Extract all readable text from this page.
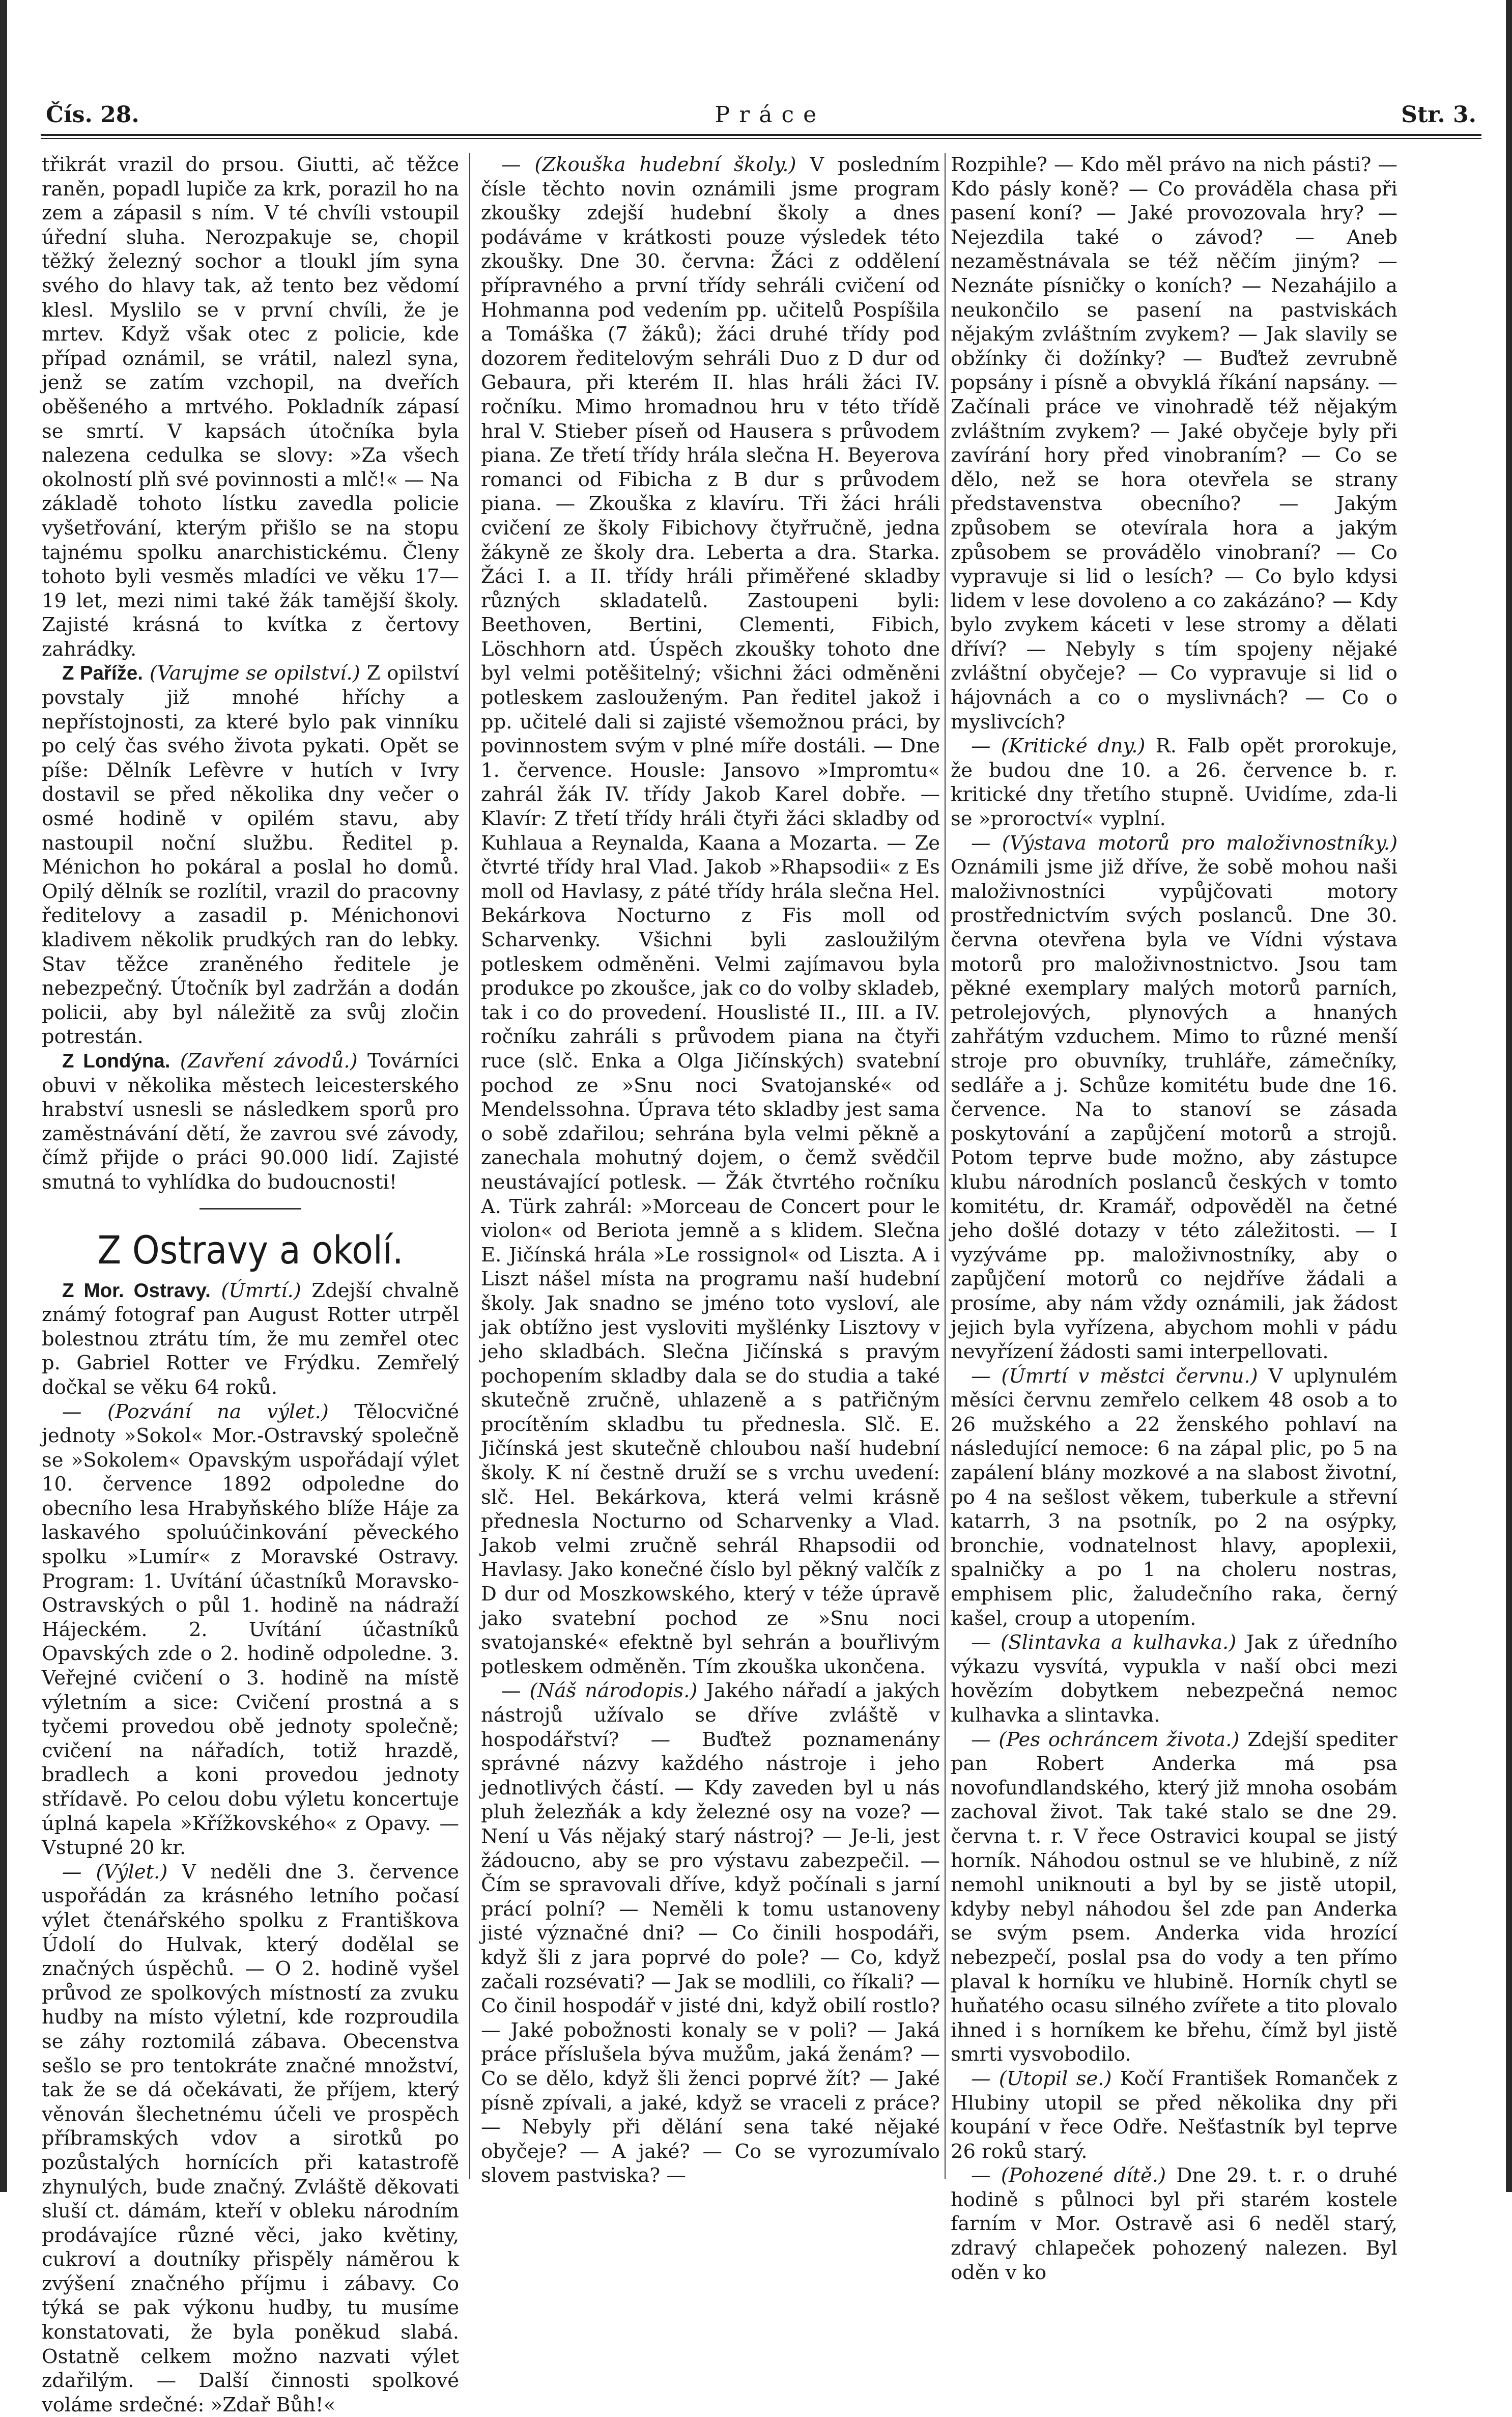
Čís. 28.	Práce	Str. 3.

třikrát vrazil do prsou. Giutti, ač těžce raněn, popadl lupiče za krk, porazil ho na zem a zápasil s ním. V té chvíli vstoupil úřední sluha. Nerozpakuje se, chopil těžký železný sochor a tloukl jím syna svého do hlavy tak, až tento bez vědomí klesl. Myslilo se v první chvíli, že je mrtev. Když však otec z policie, kde případ oznámil, se vrátil, nalezl syna, jenž se zatím vzchopil, na dveřích oběšeného a mrtvého. Pokladník zápasí se smrtí. V kapsách útočníka byla nalezena cedulka se slovy: »Za všech okolností plň své povinnosti a mlč!« — Na základě tohoto lístku zavedla policie vyšetřování, kterým přišlo se na stopu tajnému spolku anarchistickému. Členy tohoto byli vesměs mladíci ve věku 17—19 let, mezi nimi také žák tamější školy. Zajisté krásná to kvítka z čertovy zahrádky.

Z Paříže. (Varujme se opilství.) Z opilství povstaly již mnohé hříchy a nepřístojnosti, za které bylo pak vinníku po celý čas svého života pykati. Opět se píše: Dělník Lefèvre v hutích v Ivry dostavil se před několika dny večer o osmé hodině v opilém stavu, aby nastoupil noční službu. Ředitel p. Ménichon ho pokáral a poslal ho domů. Opilý dělník se rozlítil, vrazil do pracovny ředitelovy a zasadil p. Ménichonovi kladivem několik prudkých ran do lebky. Stav těžce zraněného ředitele je nebezpečný. Útočník byl zadržán a dodán policii, aby byl náležitě za svůj zločin potrestán.

Z Londýna. (Zavření závodů.) Továrníci obuvi v několika městech leicesterského hrabství usnesli se následkem sporů pro zaměstnávání dětí, že zavrou své závody, čímž přijde o práci 90.000 lidí. Zajisté smutná to vyhlídka do budoucnosti!

Z Ostravy a okolí.

Z Mor. Ostravy. (Úmrtí.) Zdejší chvalně známý fotograf pan August Rotter utrpěl bolestnou ztrátu tím, že mu zemřel otec p. Gabriel Rotter ve Frýdku. Zemřelý dočkal se věku 64 roků.

— (Pozvání na výlet.) Tělocvičné jednoty »Sokol« Mor.-Ostravský společně se »Sokolem« Opavským uspořádají výlet 10. července 1892 odpoledne do obecního lesa Hrabyňského blíže Háje za laskavého spoluúčinkování pěveckého spolku »Lumír« z Moravské Ostravy. Program: 1. Uvítání účastníků Moravsko-Ostravských o půl 1. hodině na nádraží Hájeckém. 2. Uvítání účastníků Opavských zde o 2. hodině odpoledne. 3. Veřejné cvičení o 3. hodině na místě výletním a sice: Cvičení prostná a s tyčemi provedou obě jednoty společně; cvičení na nářadích, totiž hrazdě, bradlech a koni provedou jednoty střídavě. Po celou dobu výletu koncertuje úplná kapela »Křížkovského« z Opavy. — Vstupné 20 kr.

— (Výlet.) V neděli dne 3. července uspořádán za krásného letního počasí výlet čtenářského spolku z Františkova Údolí do Hulvak, který dodělal se značných úspěchů. — O 2. hodině vyšel průvod ze spolkových místností za zvuku hudby na místo výletní, kde rozproudila se záhy roztomilá zábava. Obecenstva sešlo se pro tentokráte značné množství, tak že se dá očekávati, že příjem, který věnován šlechetnému účeli ve prospěch příbramských vdov a sirotků po pozůstalých hornících při katastrofě zhynulých, bude značný. Zvláště děkovati sluší ct. dámám, kteří v obleku národním prodávajíce různé věci, jako květiny, cukroví a doutníky přispěly náměrou k zvýšení značného příjmu i zábavy. Co týká se pak výkonu hudby, tu musíme konstatovati, že byla poněkud slabá. Ostatně celkem možno nazvati výlet zdařilým. — Další činnosti spolkové voláme srdečné: »Zdař Bůh!«

— (Zkouška hudební školy.) V posledním čísle těchto novin oznámili jsme program zkoušky zdejší hudební školy a dnes podáváme v krátkosti pouze výsledek této zkoušky. Dne 30. června: Žáci z oddělení přípravného a první třídy sehráli cvičení od Hohmanna pod vedením pp. učitelů Pospíšila a Tomáška (7 žáků); žáci druhé třídy pod dozorem ředitelovým sehráli Duo z D dur od Gebaura, při kterém II. hlas hráli žáci IV. ročníku. Mimo hromadnou hru v této třídě hral V. Stieber píseň od Hausera s průvodem piana. Ze třetí třídy hrála slečna H. Beyerova romanci od Fibicha z B dur s průvodem piana. — Zkouška z klavíru. Tři žáci hráli cvičení ze školy Fibichovy čtyřručně, jedna žákyně ze školy dra. Leberta a dra. Starka. Žáci I. a II. třídy hráli přiměřené skladby různých skladatelů. Zastoupeni byli: Beethoven, Bertini, Clementi, Fibich, Löschhorn atd. Úspěch zkoušky tohoto dne byl velmi potěšitelný; všichni žáci odměněni potleskem zaslouženým. Pan ředitel jakož i pp. učitelé dali si zajisté všemožnou práci, by povinnostem svým v plné míře dostáli. — Dne 1. července. Housle: Jansovo »Impromtu« zahrál žák IV. třídy Jakob Karel dobře. — Klavír: Z třetí třídy hráli čtyři žáci skladby od Kuhlaua a Reynalda, Kaana a Mozarta. — Ze čtvrté třídy hral Vlad. Jakob »Rhapsodii« z Es moll od Havlasy, z páté třídy hrála slečna Hel. Bekárkova Nocturno z Fis moll od Scharvenky. Všichni byli zasloužilým potleskem odměněni. Velmi zajímavou byla produkce po zkoušce, jak co do volby skladeb, tak i co do provedení. Houslisté II., III. a IV. ročníku zahráli s průvodem piana na čtyři ruce (slč. Enka a Olga Jičínských) svatební pochod ze »Snu noci Svatojanské« od Mendelssohna. Úprava této skladby jest sama o sobě zdařilou; sehrána byla velmi pěkně a zanechala mohutný dojem, o čemž svědčil neustávající potlesk. — Žák čtvrtého ročníku A. Türk zahrál: »Morceau de Concert pour le violon« od Beriota jemně a s klidem. Slečna E. Jičínská hrála »Le rossignol« od Liszta. A i Liszt nášel místa na programu naší hudební školy. Jak snadno se jméno toto vysloví, ale jak obtížno jest vysloviti myšlénky Lisztovy v jeho skladbách. Slečna Jičínská s pravým pochopením skladby dala se do studia a také skutečně zručně, uhlazeně a s patřičným procítěním skladbu tu přednesla. Slč. E. Jičínská jest skutečně chloubou naší hudební školy. K ní čestně druží se s vrchu uvedení: slč. Hel. Bekárkova, která velmi krásně přednesla Nocturno od Scharvenky a Vlad. Jakob velmi zručně sehrál Rhapsodii od Havlasy. Jako konečné číslo byl pěkný valčík z D dur od Moszkowského, který v téže úpravě jako svatební pochod ze »Snu noci svatojanské« efektně byl sehrán a bouřlivým potleskem odměněn. Tím zkouška ukončena.

— (Náš národopis.) Jakého nářadí a jakých nástrojů užívalo se dříve zvláště v hospodářství? — Buďtež poznamenány správné názvy každého nástroje i jeho jednotlivých částí. — Kdy zaveden byl u nás pluh železňák a kdy železné osy na voze? — Není u Vás nějaký starý nástroj? — Je-li, jest žádoucno, aby se pro výstavu zabezpečil. — Čím se spravovali dříve, když počínali s jarní prácí polní? — Neměli k tomu ustanoveny jisté význačné dni? — Co činili hospodáři, když šli z jara poprvé do pole? — Co, když začali rozsévati? — Jak se modlili, co říkali? — Co činil hospodář v jisté dni, když obilí rostlo? — Jaké pobožnosti konaly se v poli? — Jaká práce příslušela býva mužům, jaká ženám? — Co se dělo, když šli ženci poprvé žít? — Jaké písně zpívali, a jaké, když se vraceli z práce? — Nebyly při dělání sena také nějaké obyčeje? — A jaké? — Co se vyrozumívalo slovem pastviska? —

Rozpihle? — Kdo měl právo na nich pásti? — Kdo pásly koně? — Co prováděla chasa při pasení koní? — Jaké provozovala hry? — Nejezdila také o závod? — Aneb nezaměstnávala se též něčím jiným? — Neznáte písničky o koních? — Nezahájilo a neukončilo se pasení na pastviskách nějakým zvláštním zvykem? — Jak slavily se obžínky či dožínky? — Buďtež zevrubně popsány i písně a obvyklá říkání napsány. — Začínali práce ve vinohradě též nějakým zvláštním zvykem? — Jaké obyčeje byly při zavírání hory před vinobraním? — Co se dělo, než se hora otevřela se strany představenstva obecního? — Jakým způsobem se otevírala hora a jakým způsobem se provádělo vinobraní? — Co vypravuje si lid o lesích? — Co bylo kdysi lidem v lese dovoleno a co zakázáno? — Kdy bylo zvykem káceti v lese stromy a dělati dříví? — Nebyly s tím spojeny nějaké zvláštní obyčeje? — Co vypravuje si lid o hájovnách a co o myslivnách? — Co o myslivcích?

— (Kritické dny.) R. Falb opět prorokuje, že budou dne 10. a 26. července b. r. kritické dny třetího stupně. Uvidíme, zda-li se »proroctví« vyplní.

— (Výstava motorů pro maloživnostníky.) Oznámili jsme již dříve, že sobě mohou naši maloživnostníci vypůjčovati motory prostřednictvím svých poslanců. Dne 30. června otevřena byla ve Vídni výstava motorů pro maloživnostnictvo. Jsou tam pěkné exemplary malých motorů parních, petrolejových, plynových a hnaných zahřátým vzduchem. Mimo to různé menší stroje pro obuvníky, truhláře, zámečníky, sedláře a j. Schůze komitétu bude dne 16. července. Na to stanoví se zásada poskytování a zapůjčení motorů a strojů. Potom teprve bude možno, aby zástupce klubu národních poslanců českých v tomto komitétu, dr. Kramář, odpověděl na četné jeho došlé dotazy v této záležitosti. — I vyzýváme pp. maloživnostníky, aby o zapůjčení motorů co nejdříve žádali a prosíme, aby nám vždy oznámili, jak žádost jejich byla vyřízena, abychom mohli v pádu nevyřízení žádosti sami interpellovati.

— (Úmrtí v městci červnu.) V uplynulém měsíci červnu zemřelo celkem 48 osob a to 26 mužského a 22 ženského pohlaví na následující nemoce: 6 na zápal plic, po 5 na zapálení blány mozkové a na slabost životní, po 4 na sešlost věkem, tuberkule a střevní katarrh, 3 na psotník, po 2 na osýpky, bronchie, vodnatelnost hlavy, apoplexii, spalničky a po 1 na choleru nostras, emphisem plic, žaludečního raka, černý kašel, croup a utopením.

— (Slintavka a kulhavka.) Jak z úředního výkazu vysvítá, vypukla v naší obci mezi hovězím dobytkem nebezpečná nemoc kulhavka a slintavka.

— (Pes ochráncem života.) Zdejší spediter pan Robert Anderka má psa novofundlandského, který již mnoha osobám zachoval život. Tak také stalo se dne 29. června t. r. V řece Ostravici koupal se jistý horník. Náhodou ostnul se ve hlubině, z níž nemohl uniknouti a byl by se jistě utopil, kdyby nebyl náhodou šel zde pan Anderka se svým psem. Anderka vida hrozící nebezpečí, poslal psa do vody a ten přímo plaval k horníku ve hlubině. Horník chytl se huňatého ocasu silného zvířete a tito plovalo ihned i s horníkem ke břehu, čímž byl jistě smrti vysvobodilo.

— (Utopil se.) Kočí František Romanček z Hlubiny utopil se před několika dny při koupání v řece Odře. Nešťastník byl teprve 26 roků starý.

— (Pohozené dítě.) Dne 29. t. r. o druhé hodině s půlnoci byl při starém kostele farním v Mor. Ostravě asi 6 neděl starý, zdravý chlapeček pohozený nalezen. Byl oděn v ko
